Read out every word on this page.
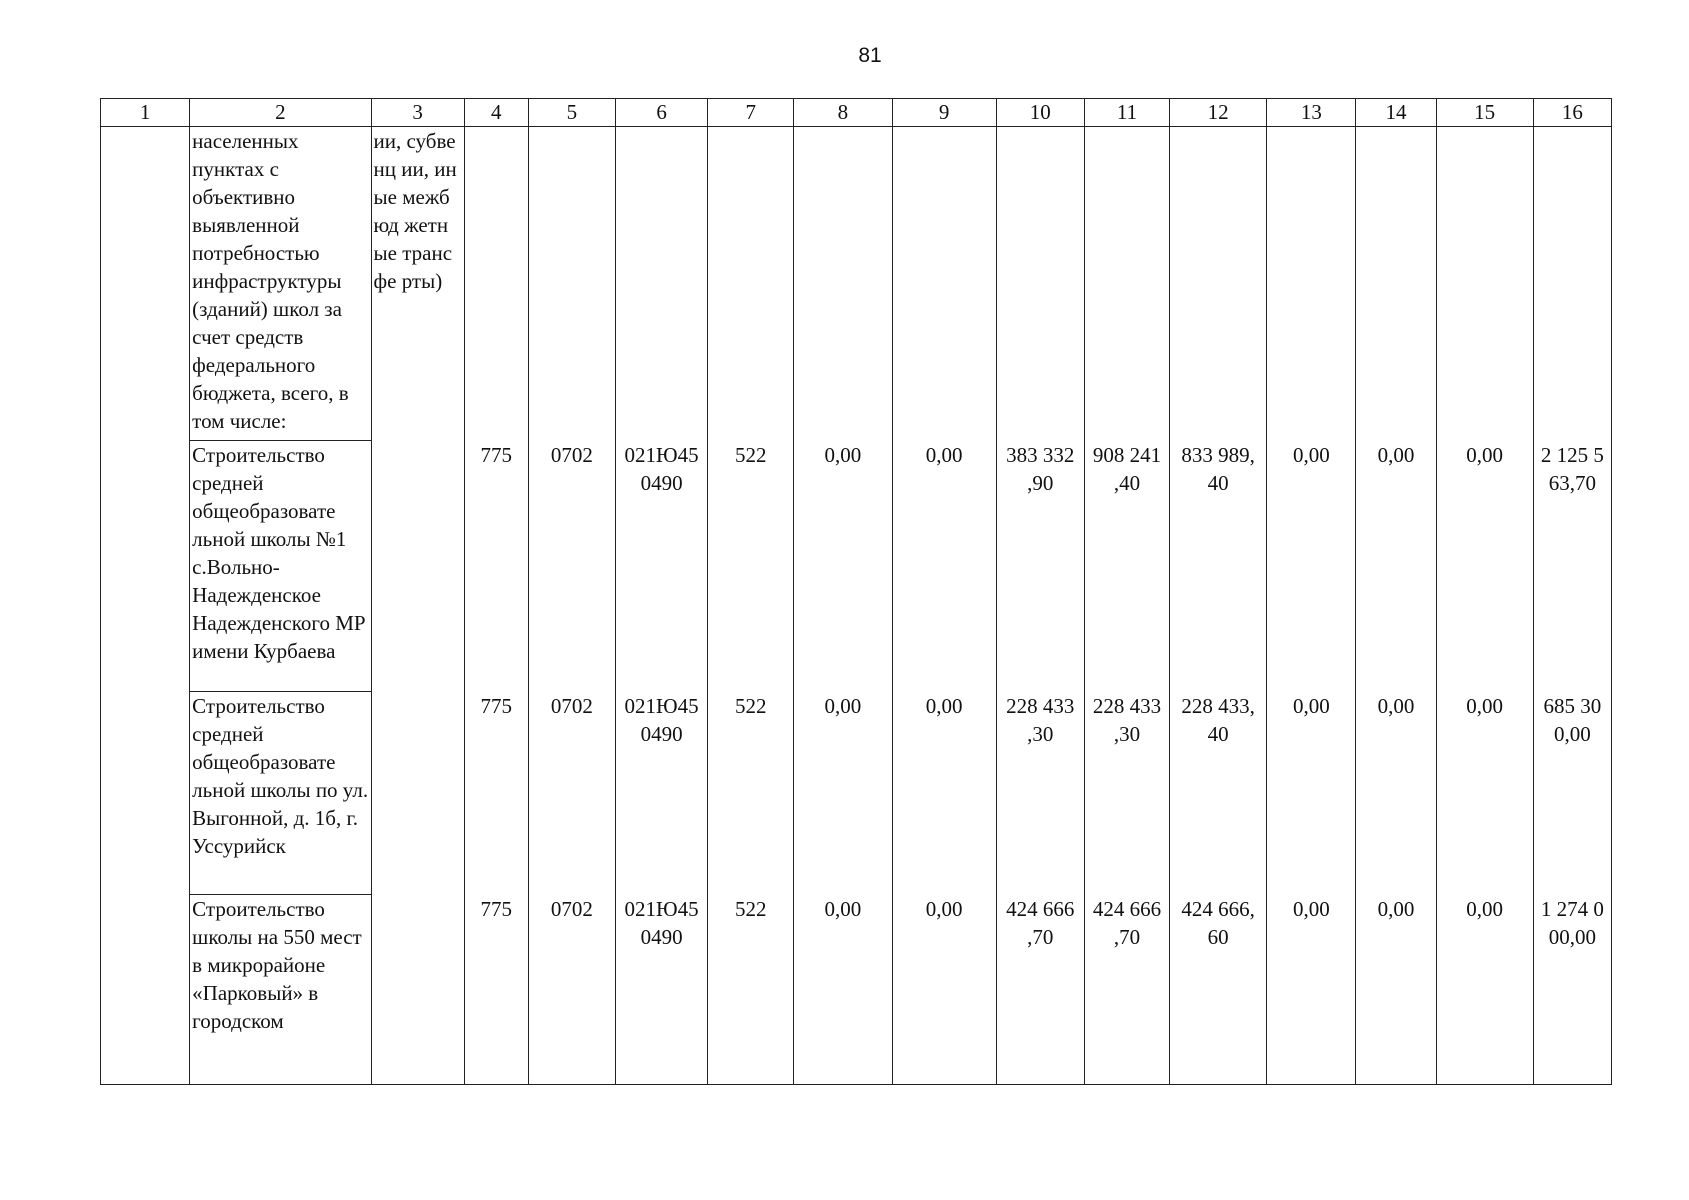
81
1	2	3	4	5	6	7	8	9	10	11	12	13	14	15	16
	населенных пунктах с объективно выявленной потребностью инфраструктуры (зданий) школ за счет средств федерального бюджета, всего, в том числе:	ии, субвенц ии, иные межбюд жетные трансфе рты)													
	Строительство средней общеобразовате льной школы №1 с.Вольно-Надежденское Надежденского МР имени Курбаева		775	0702	021Ю45 0490	522	0,00	0,00	383 332 ,90	908 241 ,40	833 989, 40	0,00	0,00	0,00	2 125 5 63,70
	Строительство средней общеобразовате льной школы по ул. Выгонной, д. 1б, г. Уссурийск		775	0702	021Ю45 0490	522	0,00	0,00	228 433 ,30	228 433 ,30	228 433, 40	0,00	0,00	0,00	685 30 0,00
	Строительство школы на 550 мест в микрорайоне «Парковый» в городском		775	0702	021Ю45 0490	522	0,00	0,00	424 666 ,70	424 666 ,70	424 666, 60	0,00	0,00	0,00	1 274 0 00,00
